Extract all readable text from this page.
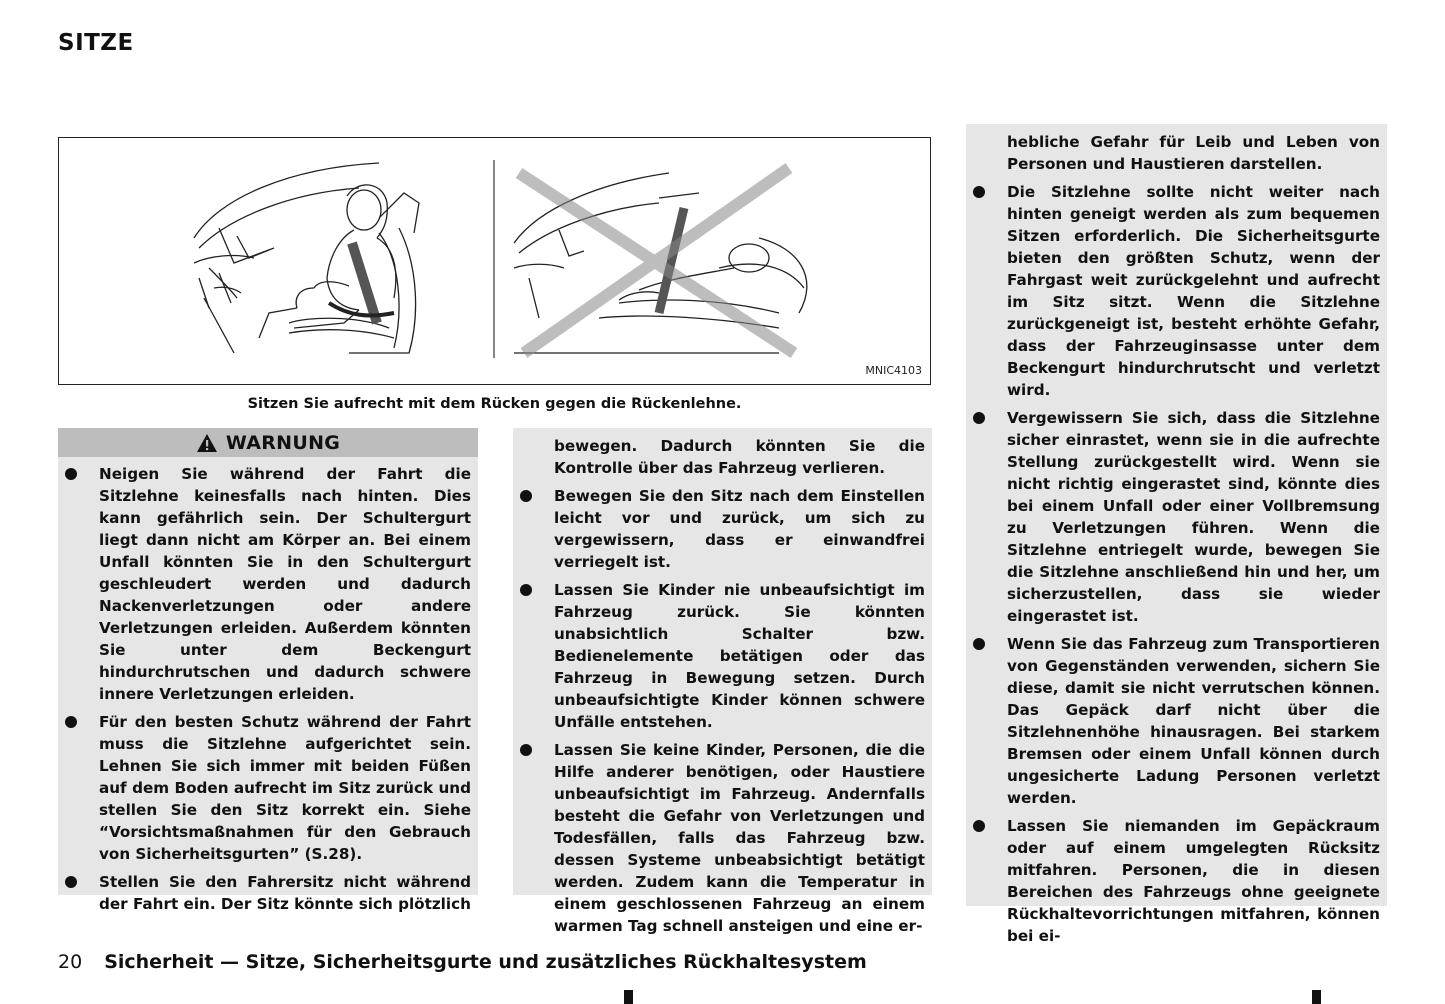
SITZE
MNIC4103
Sitzen Sie aufrecht mit dem Rücken gegen die Rückenlehne.
WARNUNG
Neigen Sie während der Fahrt die Sitzlehne keinesfalls nach hinten. Dies kann gefährlich sein. Der Schultergurt liegt dann nicht am Körper an. Bei einem Unfall könnten Sie in den Schultergurt geschleudert werden und dadurch Nackenverletzungen oder andere Verletzungen erleiden. Außerdem könnten Sie unter dem Beckengurt hindurchrutschen und dadurch schwere innere Verletzungen erleiden.
Für den besten Schutz während der Fahrt muss die Sitzlehne aufgerichtet sein. Lehnen Sie sich immer mit beiden Füßen auf dem Boden aufrecht im Sitz zurück und stellen Sie den Sitz korrekt ein. Siehe “Vorsichtsmaßnahmen für den Gebrauch von Sicherheitsgurten” (S.28).
Stellen Sie den Fahrersitz nicht während der Fahrt ein. Der Sitz könnte sich plötzlich
bewegen. Dadurch könnten Sie die Kontrolle über das Fahrzeug verlieren.
Bewegen Sie den Sitz nach dem Einstellen leicht vor und zurück, um sich zu vergewissern, dass er einwandfrei verriegelt ist.
Lassen Sie Kinder nie unbeaufsichtigt im Fahrzeug zurück. Sie könnten unabsichtlich Schalter bzw. Bedienelemente betätigen oder das Fahrzeug in Bewegung setzen. Durch unbeaufsichtigte Kinder können schwere Unfälle entstehen.
Lassen Sie keine Kinder, Personen, die die Hilfe anderer benötigen, oder Haustiere unbeaufsichtigt im Fahrzeug. Andernfalls besteht die Gefahr von Verletzungen und Todesfällen, falls das Fahrzeug bzw. dessen Systeme unbeabsichtigt betätigt werden. Zudem kann die Temperatur in einem geschlossenen Fahrzeug an einem warmen Tag schnell ansteigen und eine er-
hebliche Gefahr für Leib und Leben von Personen und Haustieren darstellen.
Die Sitzlehne sollte nicht weiter nach hinten geneigt werden als zum bequemen Sitzen erforderlich. Die Sicherheitsgurte bieten den größten Schutz, wenn der Fahrgast weit zurückgelehnt und aufrecht im Sitz sitzt. Wenn die Sitzlehne zurückgeneigt ist, besteht erhöhte Gefahr, dass der Fahrzeuginsasse unter dem Beckengurt hindurchrutscht und verletzt wird.
Vergewissern Sie sich, dass die Sitzlehne sicher einrastet, wenn sie in die aufrechte Stellung zurückgestellt wird. Wenn sie nicht richtig eingerastet sind, könnte dies bei einem Unfall oder einer Vollbremsung zu Verletzungen führen. Wenn die Sitzlehne entriegelt wurde, bewegen Sie die Sitzlehne anschließend hin und her, um sicherzustellen, dass sie wieder eingerastet ist.
Wenn Sie das Fahrzeug zum Transportieren von Gegenständen verwenden, sichern Sie diese, damit sie nicht verrutschen können. Das Gepäck darf nicht über die Sitzlehnenhöhe hinausragen. Bei starkem Bremsen oder einem Unfall können durch ungesicherte Ladung Personen verletzt werden.
Lassen Sie niemanden im Gepäckraum oder auf einem umgelegten Rücksitz mitfahren. Personen, die in diesen Bereichen des Fahrzeugs ohne geeignete Rückhaltevorrichtungen mitfahren, können bei ei-
20 Sicherheit — Sitze, Sicherheitsgurte und zusätzliches Rückhaltesystem
